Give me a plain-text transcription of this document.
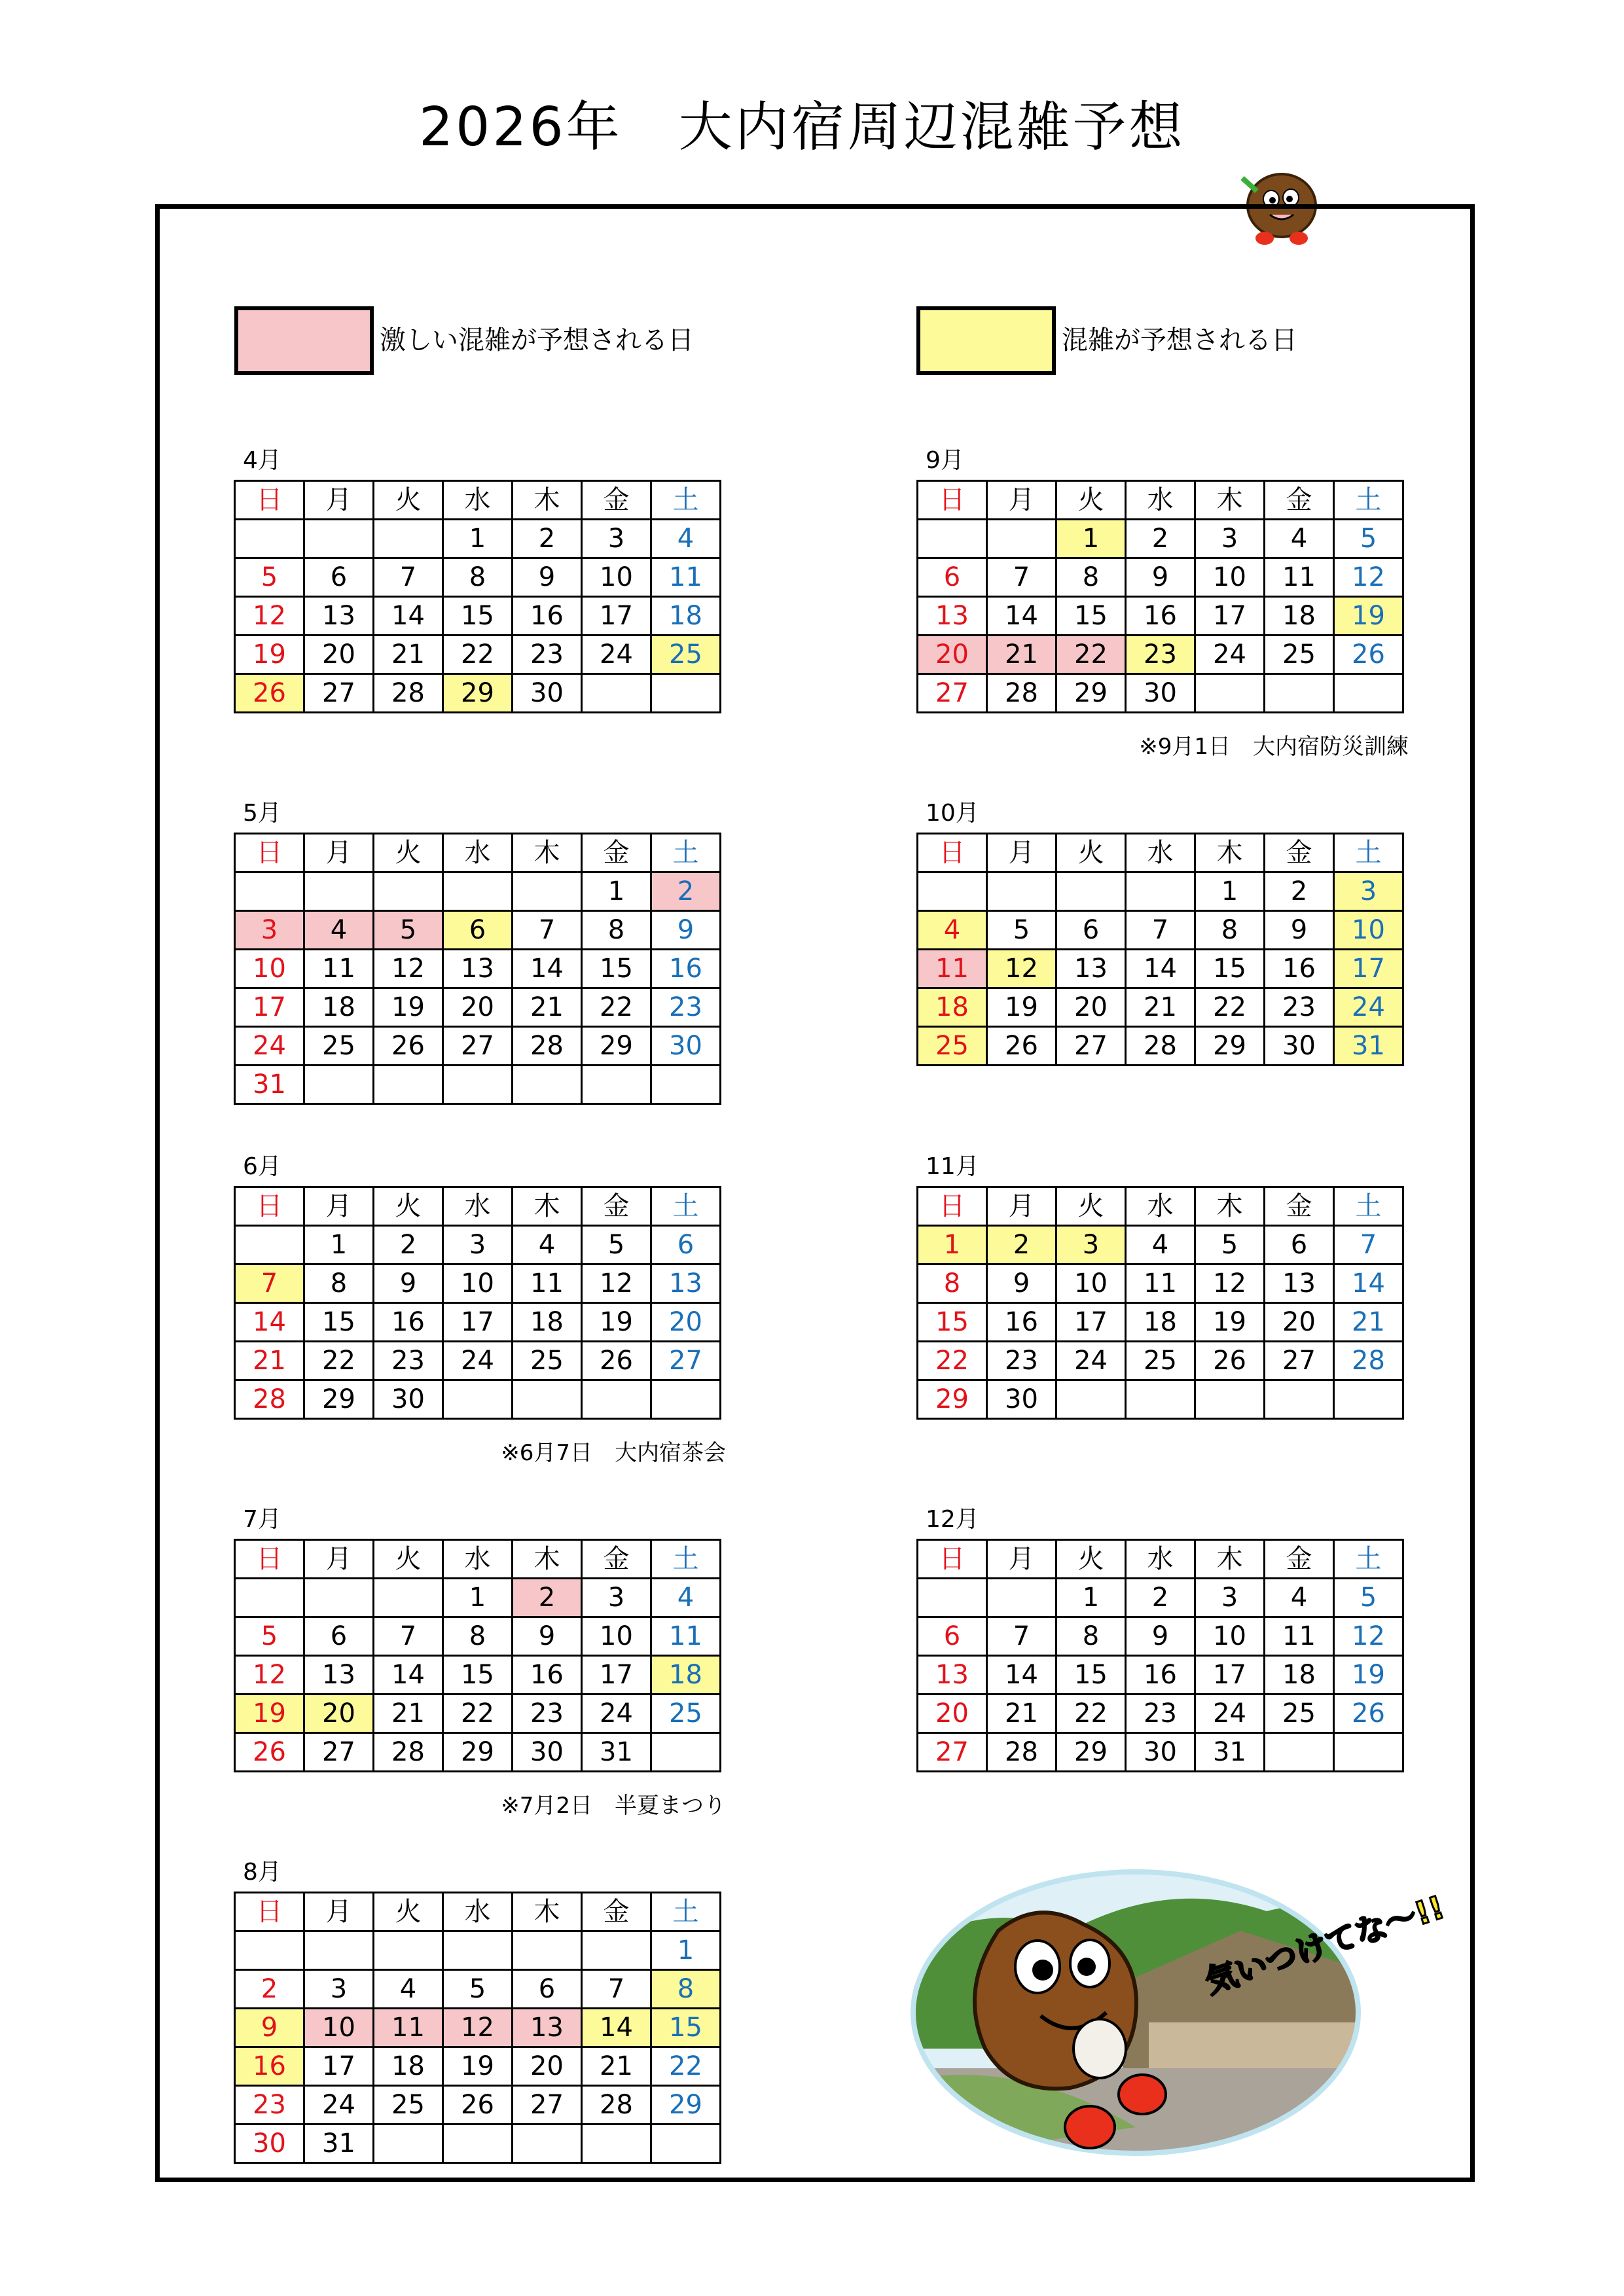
2026年　大内宿周辺混雑予想
激しい混雑が予想される日	混雑が予想される日
4月
日	月	火	水	木	金	土
			1	2	3	4
5	6	7	8	9	10	11
12	13	14	15	16	17	18
19	20	21	22	23	24	25
26	27	28	29	30		
5月
日	月	火	水	木	金	土
					1	2
3	4	5	6	7	8	9
10	11	12	13	14	15	16
17	18	19	20	21	22	23
24	25	26	27	28	29	30
31						
6月
日	月	火	水	木	金	土
	1	2	3	4	5	6
7	8	9	10	11	12	13
14	15	16	17	18	19	20
21	22	23	24	25	26	27
28	29	30				
※6月7日　大内宿茶会
7月
日	月	火	水	木	金	土
			1	2	3	4
5	6	7	8	9	10	11
12	13	14	15	16	17	18
19	20	21	22	23	24	25
26	27	28	29	30	31	
※7月2日　半夏まつり
8月
日	月	火	水	木	金	土
						1
2	3	4	5	6	7	8
9	10	11	12	13	14	15
16	17	18	19	20	21	22
23	24	25	26	27	28	29
30	31					
9月
日	月	火	水	木	金	土
		1	2	3	4	5
6	7	8	9	10	11	12
13	14	15	16	17	18	19
20	21	22	23	24	25	26
27	28	29	30			
※9月1日　大内宿防災訓練
10月
日	月	火	水	木	金	土
				1	2	3
4	5	6	7	8	9	10
11	12	13	14	15	16	17
18	19	20	21	22	23	24
25	26	27	28	29	30	31
11月
日	月	火	水	木	金	土
1	2	3	4	5	6	7
8	9	10	11	12	13	14
15	16	17	18	19	20	21
22	23	24	25	26	27	28
29	30					
12月
日	月	火	水	木	金	土
		1	2	3	4	5
6	7	8	9	10	11	12
13	14	15	16	17	18	19
20	21	22	23	24	25	26
27	28	29	30	31		
気いつけてな～!!
